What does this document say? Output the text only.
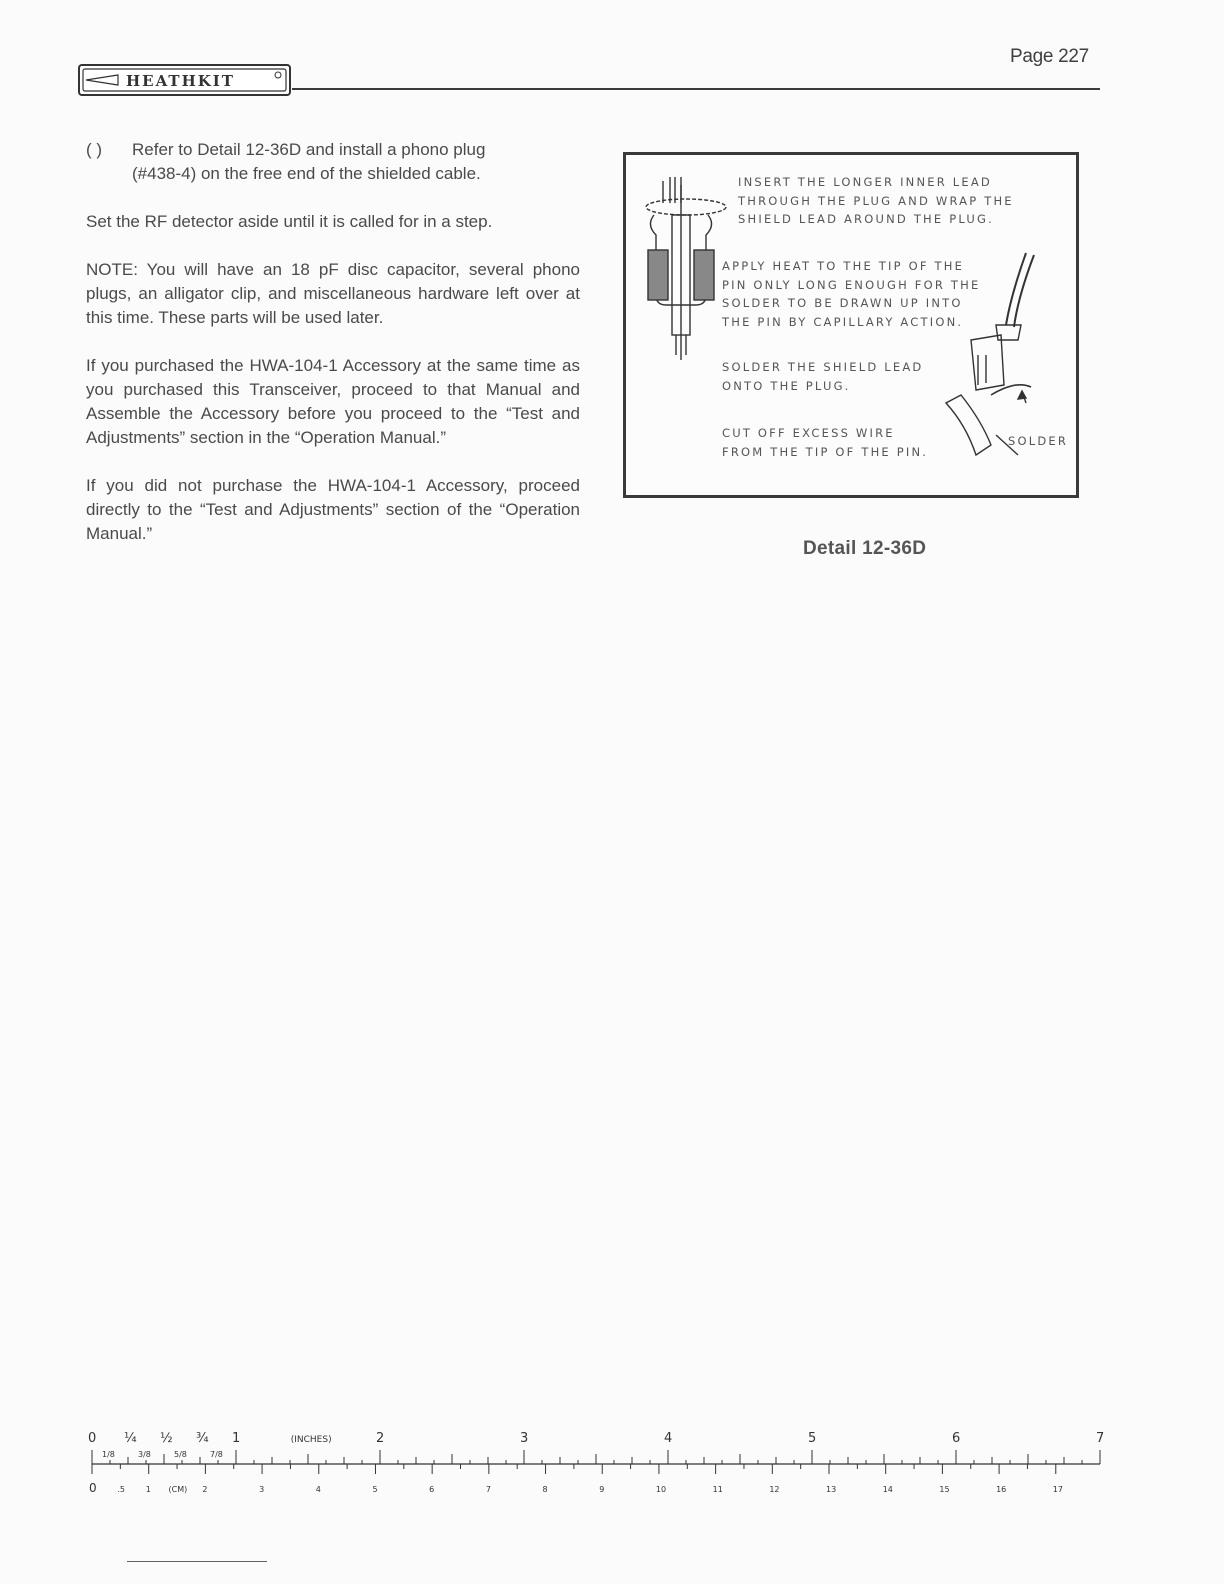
Page 227
HEATHKIT
( )	Refer to Detail 12-36D and install a phono plug
(#438-4) on the free end of the shielded cable.

Set the RF detector aside until it is called for in a step.

NOTE: You will have an 18 pF disc capacitor, several phono plugs, an alligator clip, and miscellaneous hardware left over at this time. These parts will be used later.

If you purchased the HWA-104-1 Accessory at the same time as you purchased this Transceiver, proceed to that Manual and Assemble the Accessory before you proceed to the “Test and Adjustments” section in the “Operation Manual.”

If you did not purchase the HWA-104-1 Accessory, proceed directly to the “Test and Adjustments” section of the “Operation Manual.”

INSERT THE LONGER INNER LEAD
THROUGH THE PLUG AND WRAP THE
SHIELD LEAD AROUND THE PLUG.
APPLY HEAT TO THE TIP OF THE
PIN ONLY LONG ENOUGH FOR THE
SOLDER TO BE DRAWN UP INTO
THE PIN BY CAPILLARY ACTION.
SOLDER THE SHIELD LEAD
ONTO THE PLUG.
CUT OFF EXCESS WIRE
FROM THE TIP OF THE PIN.
SOLDER
Detail 12-36D
0 ¼ ½ ¾ 1	2	3	4	5	6	7
(INCHES)
1/8	3/8	5/8	7/8
0	.5	1	2	3	4	5	6	7	8	9	10	11	12	13	14	15	16	17
(CM)
